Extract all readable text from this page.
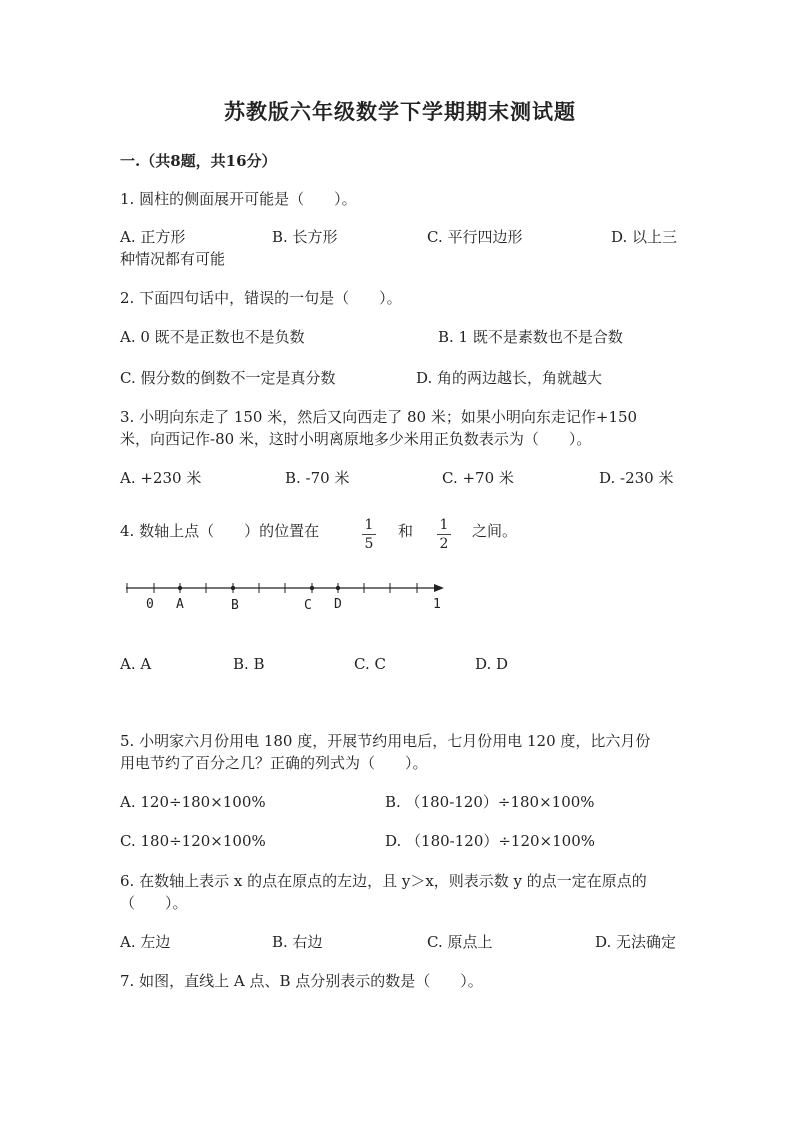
苏教版六年级数学下学期期末测试题
一.（共8题，共16分）
1. 圆柱的侧面展开可能是（　　）。
A. 正方形	B. 长方形	C. 平行四边形	D. 以上三
种情况都有可能
2. 下面四句话中，错误的一句是（　　）。
A. 0 既不是正数也不是负数	B. 1 既不是素数也不是合数
C. 假分数的倒数不一定是真分数	D. 角的两边越长，角就越大
3. 小明向东走了 150 米，然后又向西走了 80 米；如果小明向东走记作+150
米，向西记作-80 米，这时小明离原地多少米用正负数表示为（　　）。
A. +230 米	B. -70 米	C. +70 米	D. -230 米
4. 数轴上点（　　）的位置在	1
5
和 1
2
之间。
0 A	B	C D	1
A. A	B. B	C. C	D. D
5. 小明家六月份用电 180 度，开展节约用电后，七月份用电 120 度，比六月份
用电节约了百分之几？正确的列式为（　　）。
A. 120÷180×100%	B. （180-120）÷180×100%
C. 180÷120×100%	D. （180-120）÷120×100%
6. 在数轴上表示 x 的点在原点的左边，且 y＞x，则表示数 y 的点一定在原点的
（　　）。
A. 左边	B. 右边	C. 原点上	D. 无法确定
7. 如图，直线上 A 点、B 点分别表示的数是（　　）。
